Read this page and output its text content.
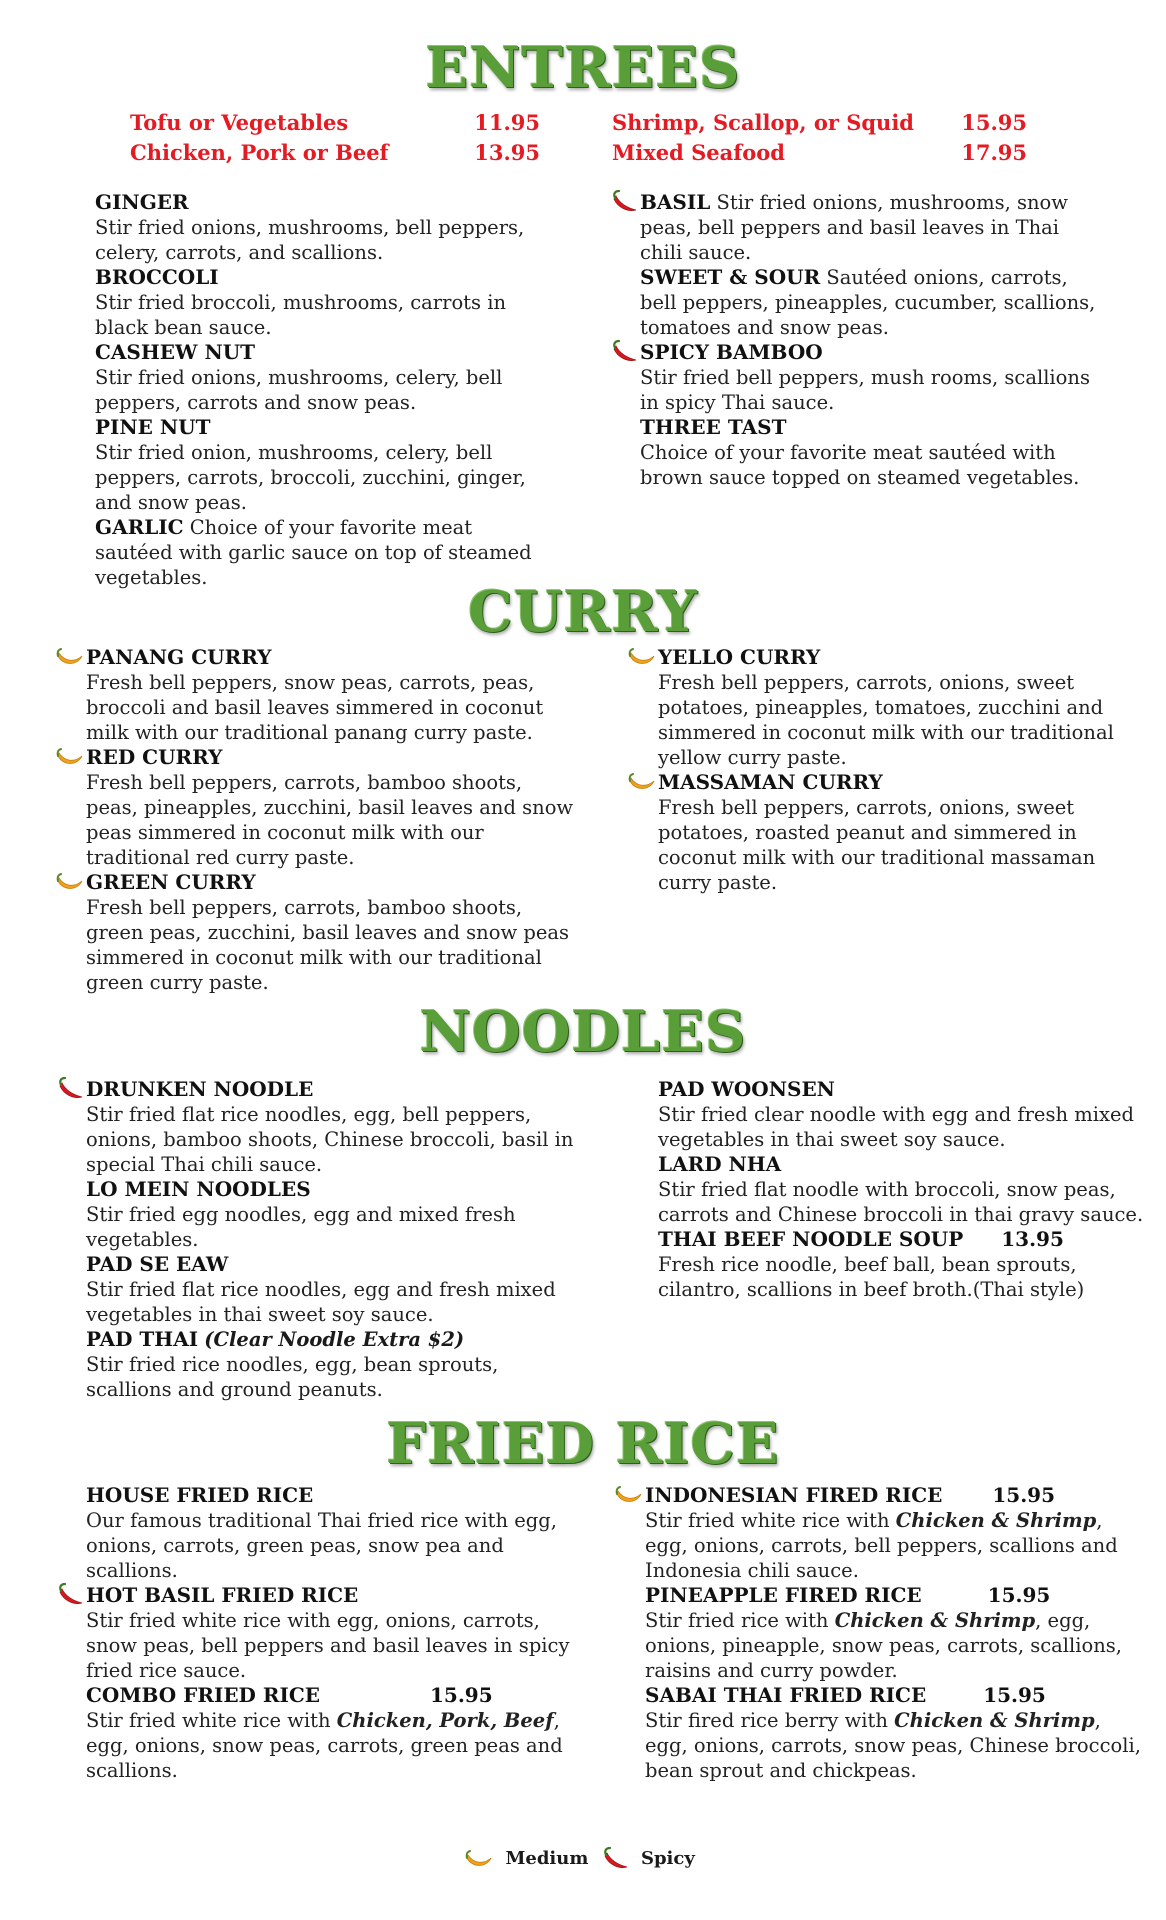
ENTREES
Tofu or Vegetables	11.95
Chicken, Pork or Beef	13.95
Shrimp, Scallop, or Squid 15.95
Mixed Seafood	17.95
GINGER
Stir fried onions, mushrooms, bell peppers, celery, carrots, and scallions.
BROCCOLI
Stir fried broccoli, mushrooms, carrots in black bean sauce.
CASHEW NUT
Stir fried onions, mushrooms, celery, bell peppers, carrots and snow peas.
PINE NUT
Stir fried onion, mushrooms, celery, bell peppers, carrots, broccoli, zucchini, ginger, and snow peas.
GARLIC Choice of your favorite meat sautéed with garlic sauce on top of steamed vegetables.
BASIL Stir fried onions, mushrooms, snow peas, bell peppers and basil leaves in Thai chili sauce.
SWEET & SOUR Sautéed onions, carrots, bell peppers, pineapples, cucumber, scallions, tomatoes and snow peas.
SPICY BAMBOO
Stir fried bell peppers, mush rooms, scallions in spicy Thai sauce.
THREE TAST
Choice of your favorite meat sautéed with brown sauce topped on steamed vegetables.
CURRY
PANANG CURRY
Fresh bell peppers, snow peas, carrots, peas, broccoli and basil leaves simmered in coconut milk with our traditional panang curry paste.
RED CURRY
Fresh bell peppers, carrots, bamboo shoots, peas, pineapples, zucchini, basil leaves and snow peas simmered in coconut milk with our traditional red curry paste.
GREEN CURRY
Fresh bell peppers, carrots, bamboo shoots, green peas, zucchini, basil leaves and snow peas simmered in coconut milk with our traditional green curry paste.
YELLO CURRY
Fresh bell peppers, carrots, onions, sweet potatoes, pineapples, tomatoes, zucchini and simmered in coconut milk with our traditional yellow curry paste.
MASSAMAN CURRY
Fresh bell peppers, carrots, onions, sweet potatoes, roasted peanut and simmered in coconut milk with our traditional massaman curry paste.
NOODLES
DRUNKEN NOODLE
Stir fried flat rice noodles, egg, bell peppers, onions, bamboo shoots, Chinese broccoli, basil in special Thai chili sauce.
LO MEIN NOODLES
Stir fried egg noodles, egg and mixed fresh vegetables.
PAD SE EAW
Stir fried flat rice noodles, egg and fresh mixed vegetables in thai sweet soy sauce.
PAD THAI (Clear Noodle Extra $2)
Stir fried rice noodles, egg, bean sprouts, scallions and ground peanuts.
PAD WOONSEN
Stir fried clear noodle with egg and fresh mixed vegetables in thai sweet soy sauce.
LARD NHA
Stir fried flat noodle with broccoli, snow peas, carrots and Chinese broccoli in thai gravy sauce.
THAI BEEF NOODLE SOUP 13.95
Fresh rice noodle, beef ball, bean sprouts, cilantro, scallions in beef broth.(Thai style)
FRIED RICE
HOUSE FRIED RICE
Our famous traditional Thai fried rice with egg, onions, carrots, green peas, snow pea and scallions.
HOT BASIL FRIED RICE
Stir fried white rice with egg, onions, carrots, snow peas, bell peppers and basil leaves in spicy fried rice sauce.
COMBO FRIED RICE	15.95
Stir fried white rice with Chicken, Pork, Beef, egg, onions, snow peas, carrots, green peas and scallions.
INDONESIAN FIRED RICE	15.95
Stir fried white rice with Chicken & Shrimp, egg, onions, carrots, bell peppers, scallions and Indonesia chili sauce.
PINEAPPLE FIRED RICE	15.95
Stir fried rice with Chicken & Shrimp, egg, onions, pineapple, snow peas, carrots, scallions, raisins and curry powder.
SABAI THAI FRIED RICE	15.95
Stir fired rice berry with Chicken & Shrimp, egg, onions, carrots, snow peas, Chinese broccoli, bean sprout and chickpeas.
Medium	Spicy
